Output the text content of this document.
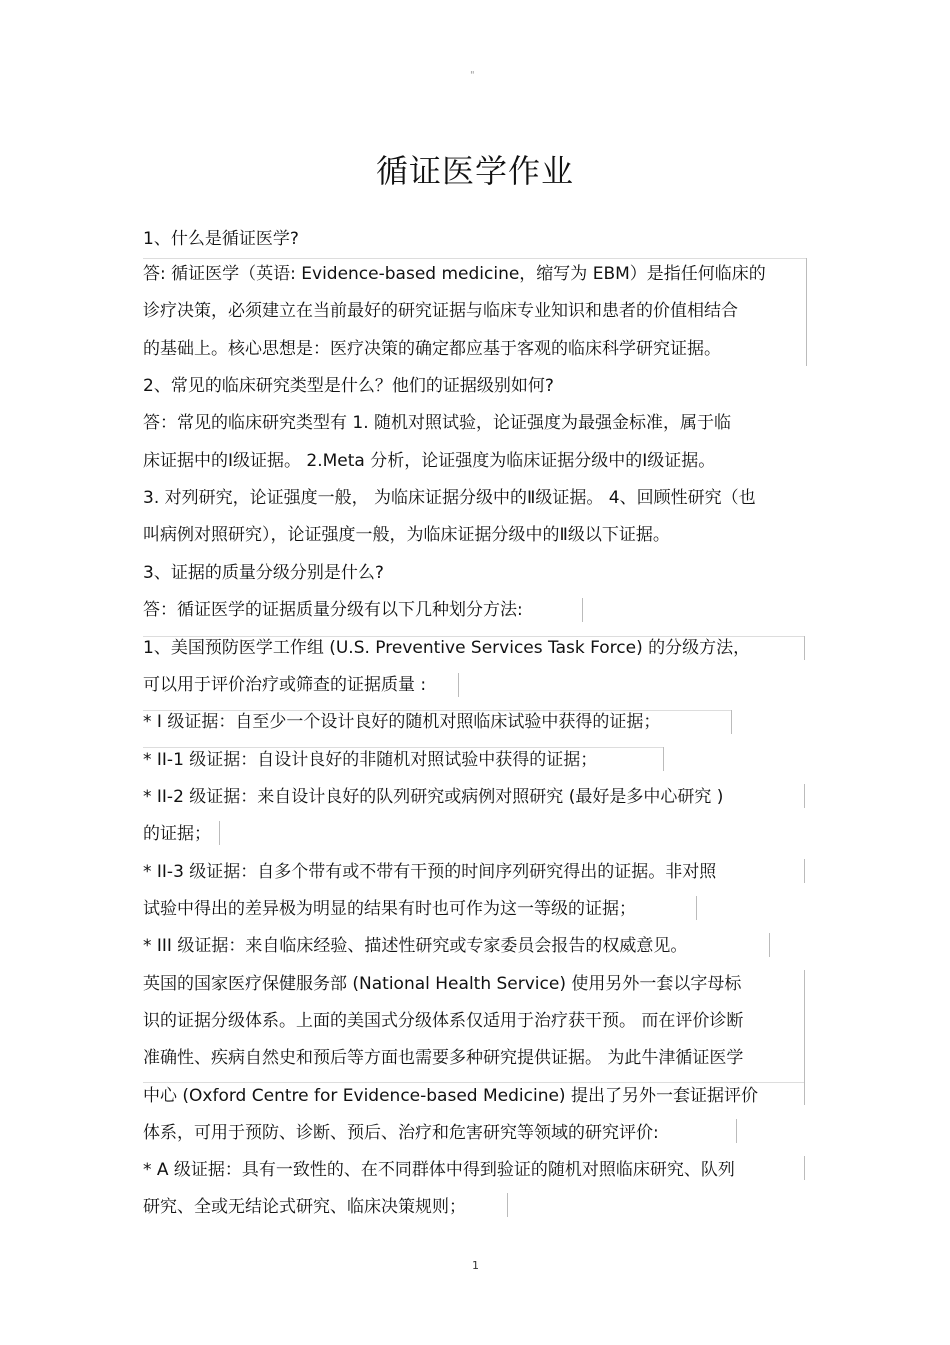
"
循证医学作业
1、什么是循证医学?
答: 循证医学（英语: Evidence-based medicine，缩写为 EBM）是指任何临床的
诊疗决策，必须建立在当前最好的研究证据与临床专业知识和患者的价值相结合
的基础上。核心思想是：医疗决策的确定都应基于客观的临床科学研究证据。
2、常见的临床研究类型是什么？他们的证据级别如何?
答：常见的临床研究类型有 1. 随机对照试验，论证强度为最强金标准，属于临
床证据中的Ⅰ级证据。 2.Meta 分析，论证强度为临床证据分级中的Ⅰ级证据。
3. 对列研究，论证强度一般， 为临床证据分级中的Ⅱ级证据。 4、回顾性研究（也
叫病例对照研究），论证强度一般，为临床证据分级中的Ⅱ级以下证据。
3、证据的质量分级分别是什么?
答：循证医学的证据质量分级有以下几种划分方法:
1、美国预防医学工作组 (U.S. Preventive Services Task Force) 的分级方法，
可以用于评价治疗或筛查的证据质量 :
* I 级证据：自至少一个设计良好的随机对照临床试验中获得的证据；
* II-1 级证据：自设计良好的非随机对照试验中获得的证据；
* II-2 级证据：来自设计良好的队列研究或病例对照研究 (最好是多中心研究 )
的证据；
* II-3 级证据：自多个带有或不带有干预的时间序列研究得出的证据。非对照
试验中得出的差异极为明显的结果有时也可作为这一等级的证据；
* III 级证据：来自临床经验、描述性研究或专家委员会报告的权威意见。
英国的国家医疗保健服务部 (National Health Service) 使用另外一套以字母标
识的证据分级体系。上面的美国式分级体系仅适用于治疗获干预。 而在评价诊断
准确性、疾病自然史和预后等方面也需要多种研究提供证据。 为此牛津循证医学
中心 (Oxford Centre for Evidence-based Medicine) 提出了另外一套证据评价
体系，可用于预防、诊断、预后、治疗和危害研究等领域的研究评价:
* A 级证据：具有一致性的、在不同群体中得到验证的随机对照临床研究、队列
研究、全或无结论式研究、临床决策规则；
1
